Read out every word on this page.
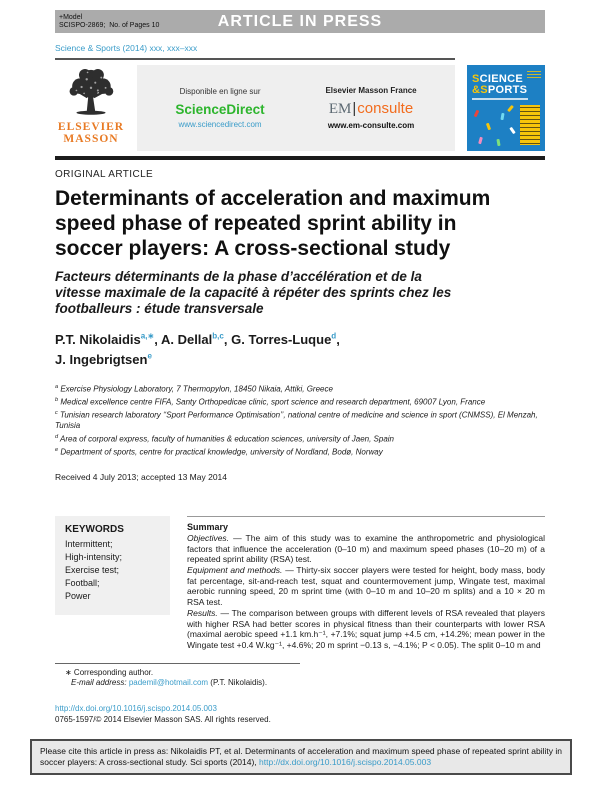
+Model
SCISPO-2869;  No. of Pages 10	ARTICLE IN PRESS
Science & Sports (2014) xxx, xxx–xxx
ELSEVIER
MASSON
Disponible en ligne sur
ScienceDirect
www.sciencedirect.com
Elsevier Masson France
EM|consulte
www.em-consulte.com
SCIENCE
&SPORTS
ORIGINAL ARTICLE
Determinants of acceleration and maximum
speed phase of repeated sprint ability in
soccer players: A cross-sectional study
Facteurs déterminants de la phase d’accélération et de la
vitesse maximale de la capacité à répéter des sprints chez les
footballeurs : étude transversale
P.T. Nikolaidis$^{a,∗}$, A. Dellal$^{b,c}$, G. Torres-Luque$^d$,
J. Ingebrigtsen$^e$
$^a$ Exercise Physiology Laboratory, 7 Thermopylon, 18450 Nikaia, Attiki, Greece
$^b$ Medical excellence centre FIFA, Santy Orthopedicae clinic, sport science and research department, 69007 Lyon, France
$^c$ Tunisian research laboratory ‘‘Sport Performance Optimisation’’, national centre of medicine and science in sport (CNMSS), El Menzah, Tunisia
$^d$ Area of corporal express, faculty of humanities & education sciences, university of Jaen, Spain
$^e$ Department of sports, centre for practical knowledge, university of Nordland, Bodø, Norway
Received 4 July 2013; accepted 13 May 2014
KEYWORDS
Intermittent;
High-intensity;
Exercise test;
Football;
Power
Summary
Objectives. — The aim of this study was to examine the anthropometric and physiological factors that influence the acceleration (0–10 m) and maximum speed phases (10–20 m) of a repeated sprint ability (RSA) test.
Equipment and methods. — Thirty-six soccer players were tested for height, body mass, body fat percentage, sit-and-reach test, squat and countermovement jump, Wingate test, maximal aerobic running speed, 20 m sprint time (with 0–10 m and 10–20 m splits) and a 10 × 20 m RSA test.
Results. — The comparison between groups with different levels of RSA revealed that players with higher RSA had better scores in physical fitness than their counterparts with lower RSA (maximal aerobic speed +1.1 km.h⁻¹, +7.1%; squat jump +4.5 cm, +14.2%; mean power in the Wingate test +0.4 W.kg⁻¹, +4.6%; 20 m sprint −0.13 s, −4.1%; P < 0.05). The split 0–10 m and
∗ Corresponding author.
E-mail address: pademil@hotmail.com (P.T. Nikolaidis).
http://dx.doi.org/10.1016/j.scispo.2014.05.003
0765-1597/© 2014 Elsevier Masson SAS. All rights reserved.
Please cite this article in press as: Nikolaidis PT, et al. Determinants of acceleration and maximum speed phase of repeated sprint ability in soccer players: A cross-sectional study. Sci sports (2014), http://dx.doi.org/10.1016/j.scispo.2014.05.003
